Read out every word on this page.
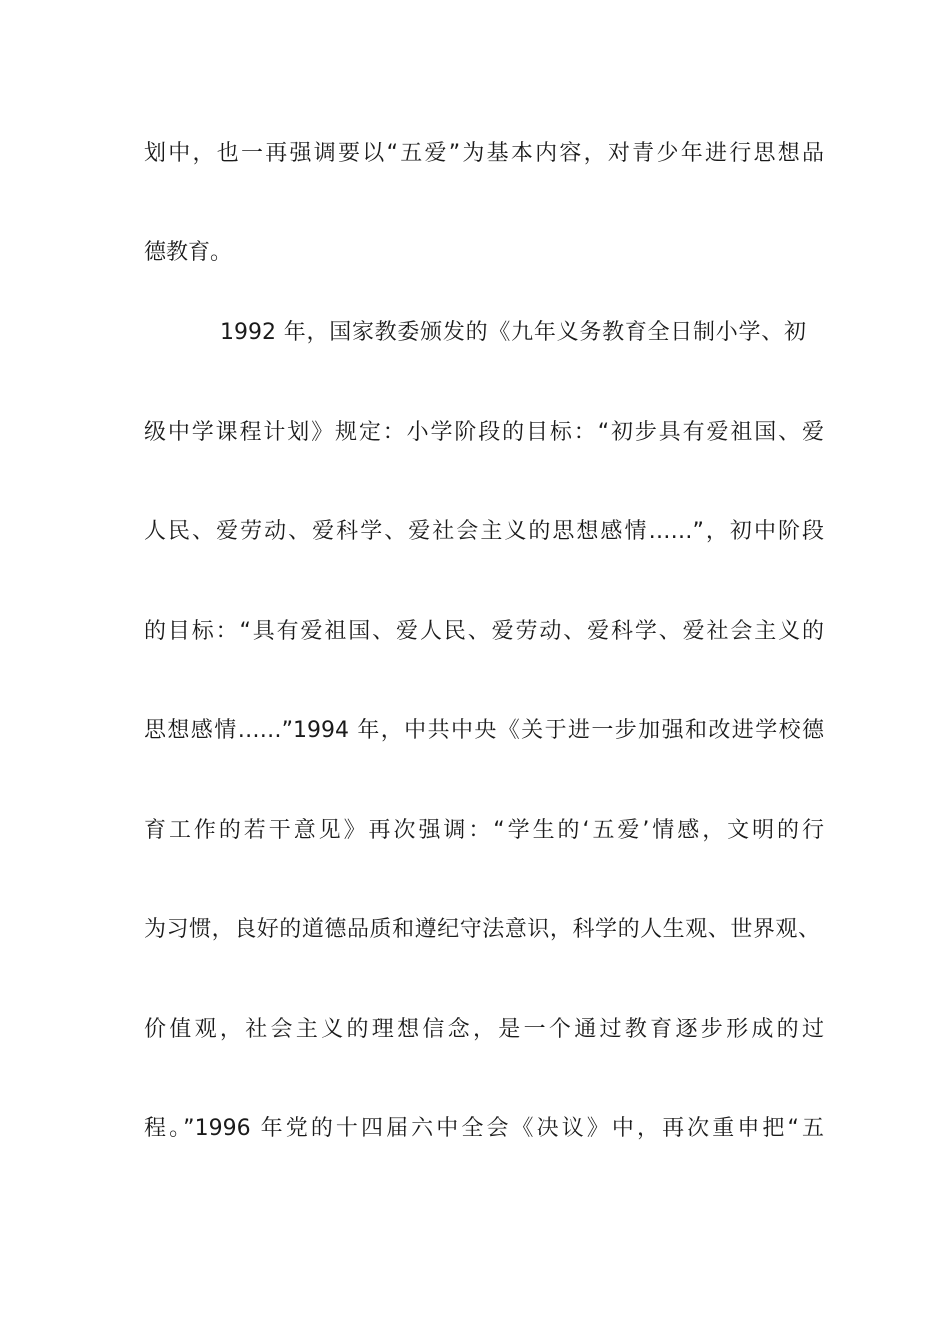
划中，也一再强调要以“五爱”为基本内容，对青少年进行思想品
德教育。
1992 年，国家教委颁发的《九年义务教育全日制小学、初
级中学课程计划》规定：小学阶段的目标：“初步具有爱祖国、爱
人民、爱劳动、爱科学、爱社会主义的思想感情……”，初中阶段
的目标：“具有爱祖国、爱人民、爱劳动、爱科学、爱社会主义的
思想感情……”1994 年，中共中央《关于进一步加强和改进学校德
育工作的若干意见》再次强调：“学生的‘五爱’情感，文明的行
为习惯，良好的道德品质和遵纪守法意识，科学的人生观、世界观、
价值观，社会主义的理想信念，是一个通过教育逐步形成的过
程。”1996 年党的十四届六中全会《决议》中，再次重申把“五
